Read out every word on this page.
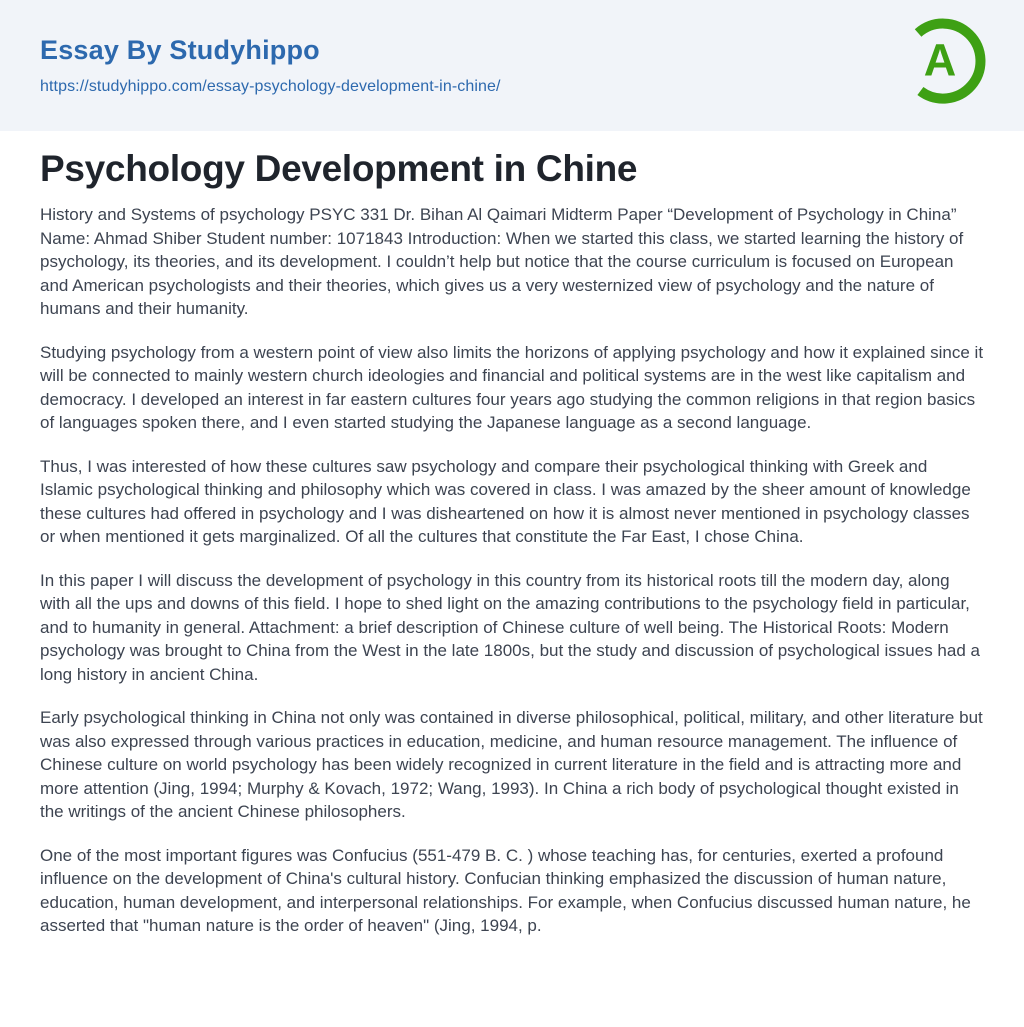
Essay By Studyhippo
https://studyhippo.com/essay-psychology-development-in-chine/
A
Psychology Development in Chine

History and Systems of psychology PSYC 331 Dr. Bihan Al Qaimari Midterm Paper “Development of Psychology in China” Name: Ahmad Shiber Student number: 1071843 Introduction: When we started this class, we started learning the history of psychology, its theories, and its development. I couldn’t help but notice that the course curriculum is focused on European and American psychologists and their theories, which gives us a very westernized view of psychology and the nature of humans and their humanity.

Studying psychology from a western point of view also limits the horizons of applying psychology and how it explained since it will be connected to mainly western church ideologies and financial and political systems are in the west like capitalism and democracy. I developed an interest in far eastern cultures four years ago studying the common religions in that region basics of languages spoken there, and I even started studying the Japanese language as a second language.

Thus, I was interested of how these cultures saw psychology and compare their psychological thinking with Greek and Islamic psychological thinking and philosophy which was covered in class. I was amazed by the sheer amount of knowledge these cultures had offered in psychology and I was disheartened on how it is almost never mentioned in psychology classes or when mentioned it gets marginalized. Of all the cultures that constitute the Far East, I chose China.

In this paper I will discuss the development of psychology in this country from its historical roots till the modern day, along with all the ups and downs of this field. I hope to shed light on the amazing contributions to the psychology field in particular, and to humanity in general. Attachment: a brief description of Chinese culture of well being. The Historical Roots: Modern psychology was brought to China from the West in the late 1800s, but the study and discussion of psychological issues had a long history in ancient China.

Early psychological thinking in China not only was contained in diverse philosophical, political, military, and other literature but was also expressed through various practices in education, medicine, and human resource management. The influence of Chinese culture on world psychology has been widely recognized in current literature in the field and is attracting more and more attention (Jing, 1994; Murphy & Kovach, 1972; Wang, 1993). In China a rich body of psychological thought existed in the writings of the ancient Chinese philosophers.

One of the most important figures was Confucius (551-479 B. C. ) whose teaching has, for centuries, exerted a profound influence on the development of China's cultural history. Confucian thinking emphasized the discussion of human nature, education, human development, and interpersonal relationships. For example, when Confucius discussed human nature, he asserted that "human nature is the order of heaven" (Jing, 1994, p.
